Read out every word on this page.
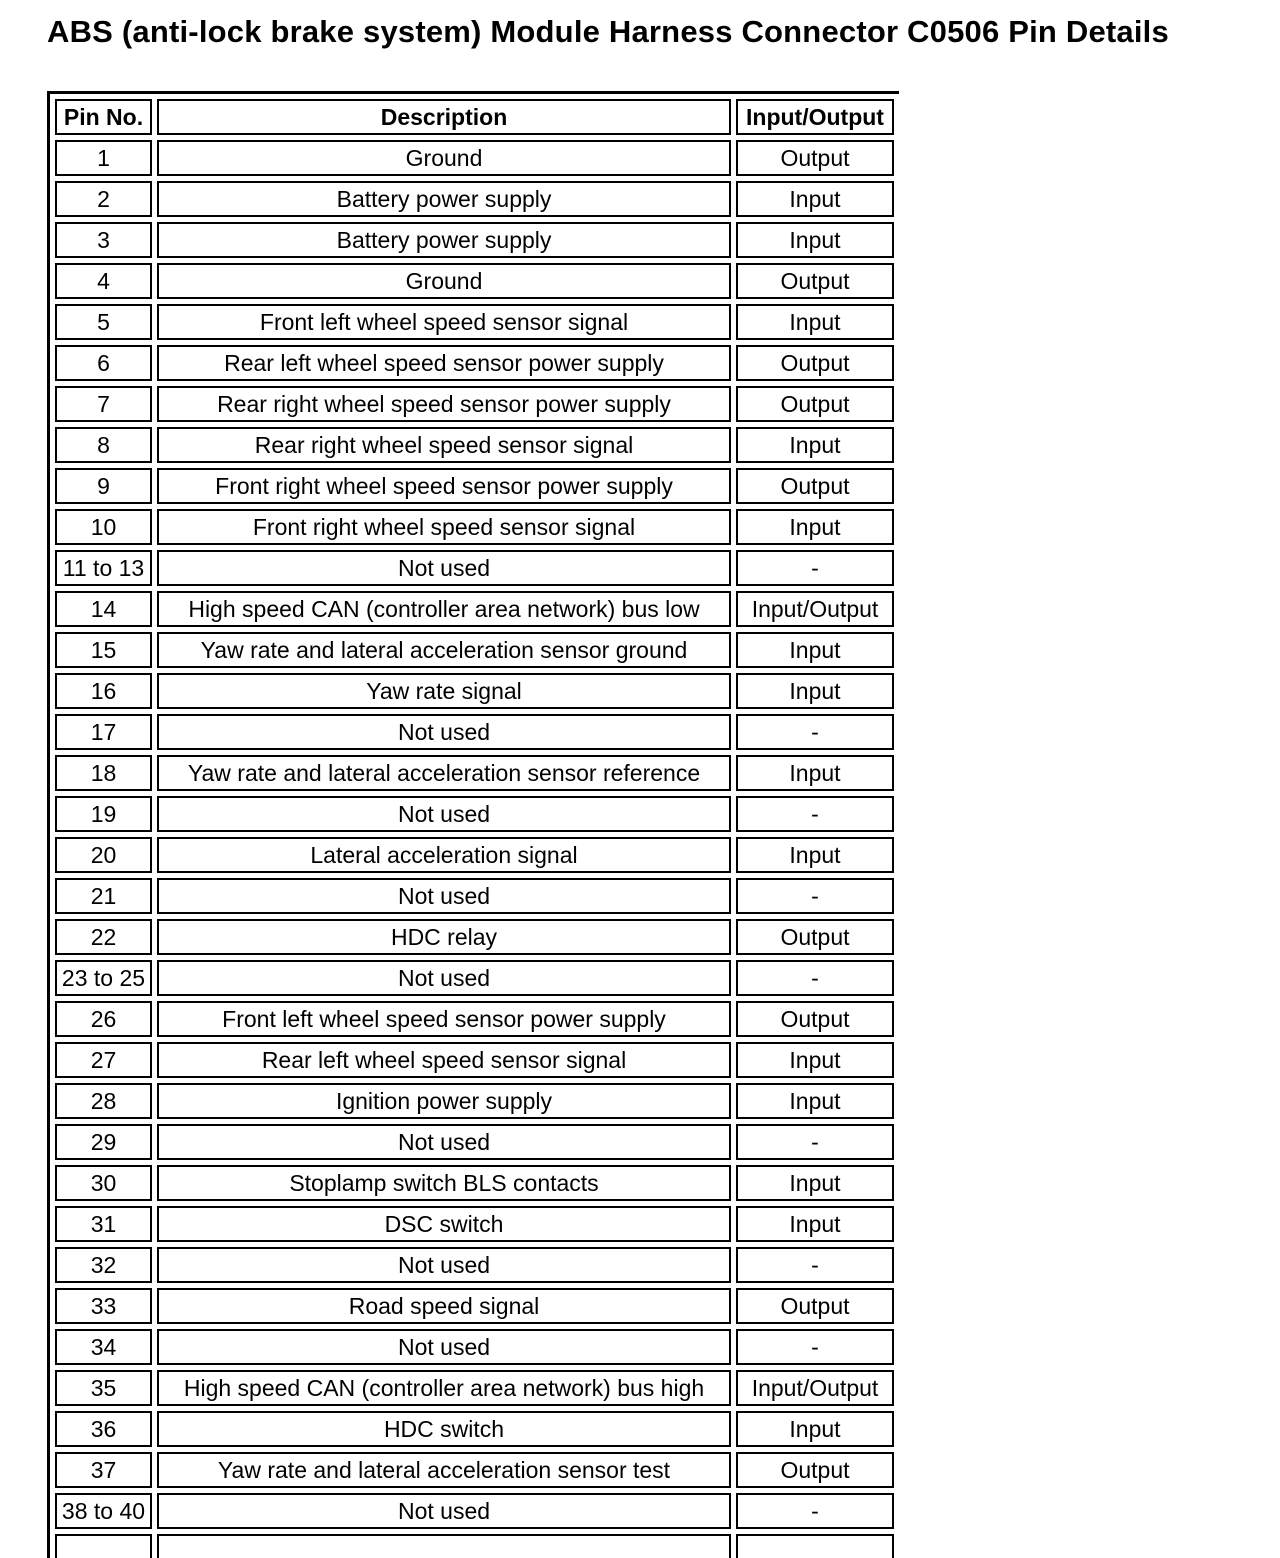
ABS (anti-lock brake system) Module Harness Connector C0506 Pin Details
Pin No.	Description	Input/Output
1	Ground	Output
2	Battery power supply	Input
3	Battery power supply	Input
4	Ground	Output
5	Front left wheel speed sensor signal	Input
6	Rear left wheel speed sensor power supply	Output
7	Rear right wheel speed sensor power supply	Output
8	Rear right wheel speed sensor signal	Input
9	Front right wheel speed sensor power supply	Output
10	Front right wheel speed sensor signal	Input
11 to 13	Not used	-
14	High speed CAN (controller area network) bus low	Input/Output
15	Yaw rate and lateral acceleration sensor ground	Input
16	Yaw rate signal	Input
17	Not used	-
18	Yaw rate and lateral acceleration sensor reference	Input
19	Not used	-
20	Lateral acceleration signal	Input
21	Not used	-
22	HDC relay	Output
23 to 25	Not used	-
26	Front left wheel speed sensor power supply	Output
27	Rear left wheel speed sensor signal	Input
28	Ignition power supply	Input
29	Not used	-
30	Stoplamp switch BLS contacts	Input
31	DSC switch	Input
32	Not used	-
33	Road speed signal	Output
34	Not used	-
35	High speed CAN (controller area network) bus high	Input/Output
36	HDC switch	Input
37	Yaw rate and lateral acceleration sensor test	Output
38 to 40	Not used	-
